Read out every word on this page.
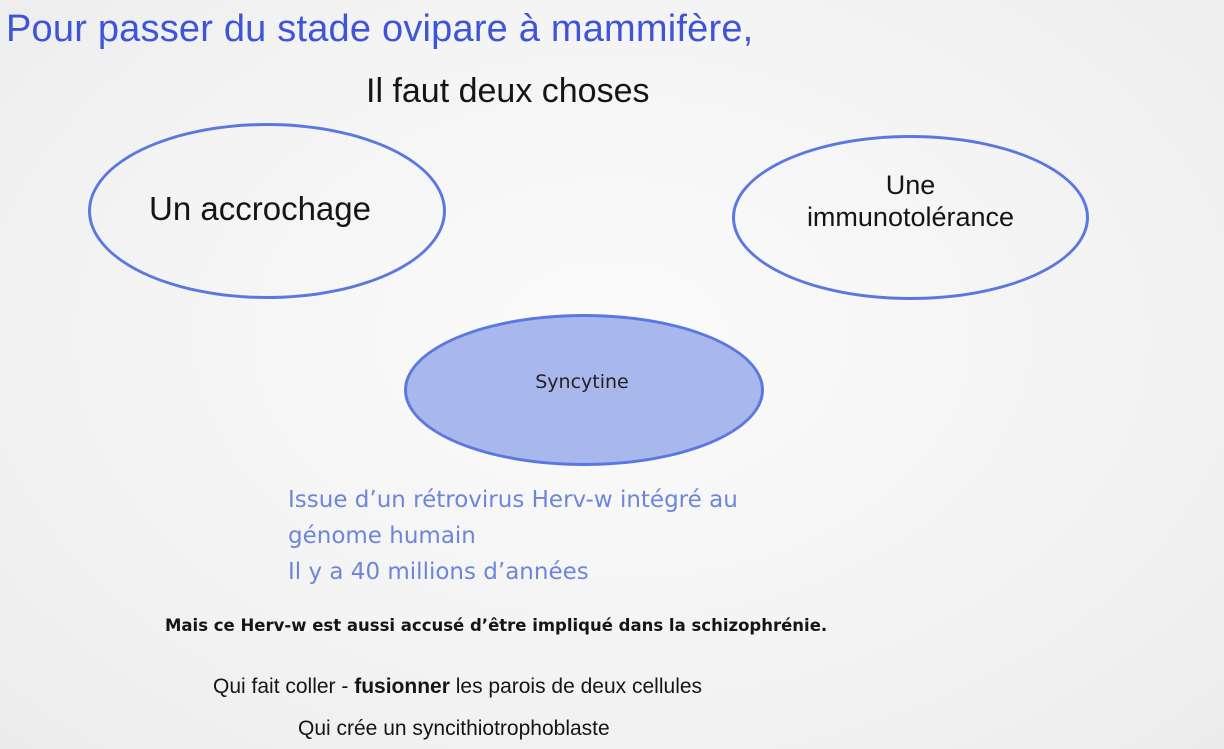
Pour passer du stade ovipare à mammifère,
Il faut deux choses
Un accrochage
Une
immunotolérance
Syncytine
Issue d’un rétrovirus Herv-w intégré au
génome humain
Il y a 40 millions d’années
Mais ce Herv-w est aussi accusé d’être impliqué dans la schizophrénie.
Qui fait coller - fusionner les parois de deux cellules
Qui crée un syncithiotrophoblaste
